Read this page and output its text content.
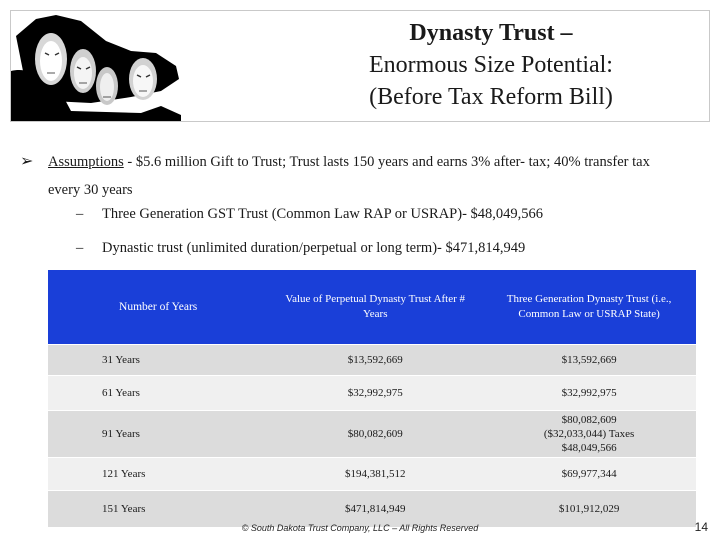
Dynasty Trust –
Enormous Size Potential:
(Before Tax Reform Bill)
➢ Assumptions - $5.6 million Gift to Trust; Trust lasts 150 years and earns 3% after- tax; 40% transfer tax every 30 years
– Three Generation GST Trust (Common Law RAP or USRAP)- $48,049,566
– Dynastic trust (unlimited duration/perpetual or long term)- $471,814,949
Number of Years	Value of Perpetual Dynasty Trust After # Years	Three Generation Dynasty Trust (i.e., Common Law or USRAP State)
31 Years	$13,592,669	$13,592,669
61 Years	$32,992,975	$32,992,975
91 Years	$80,082,609	$80,082,609
($32,033,044) Taxes
$48,049,566

121 Years	$194,381,512	$69,977,344
151 Years	$471,814,949	$101,912,029
© South Dakota Trust Company, LLC – All Rights Reserved	14
